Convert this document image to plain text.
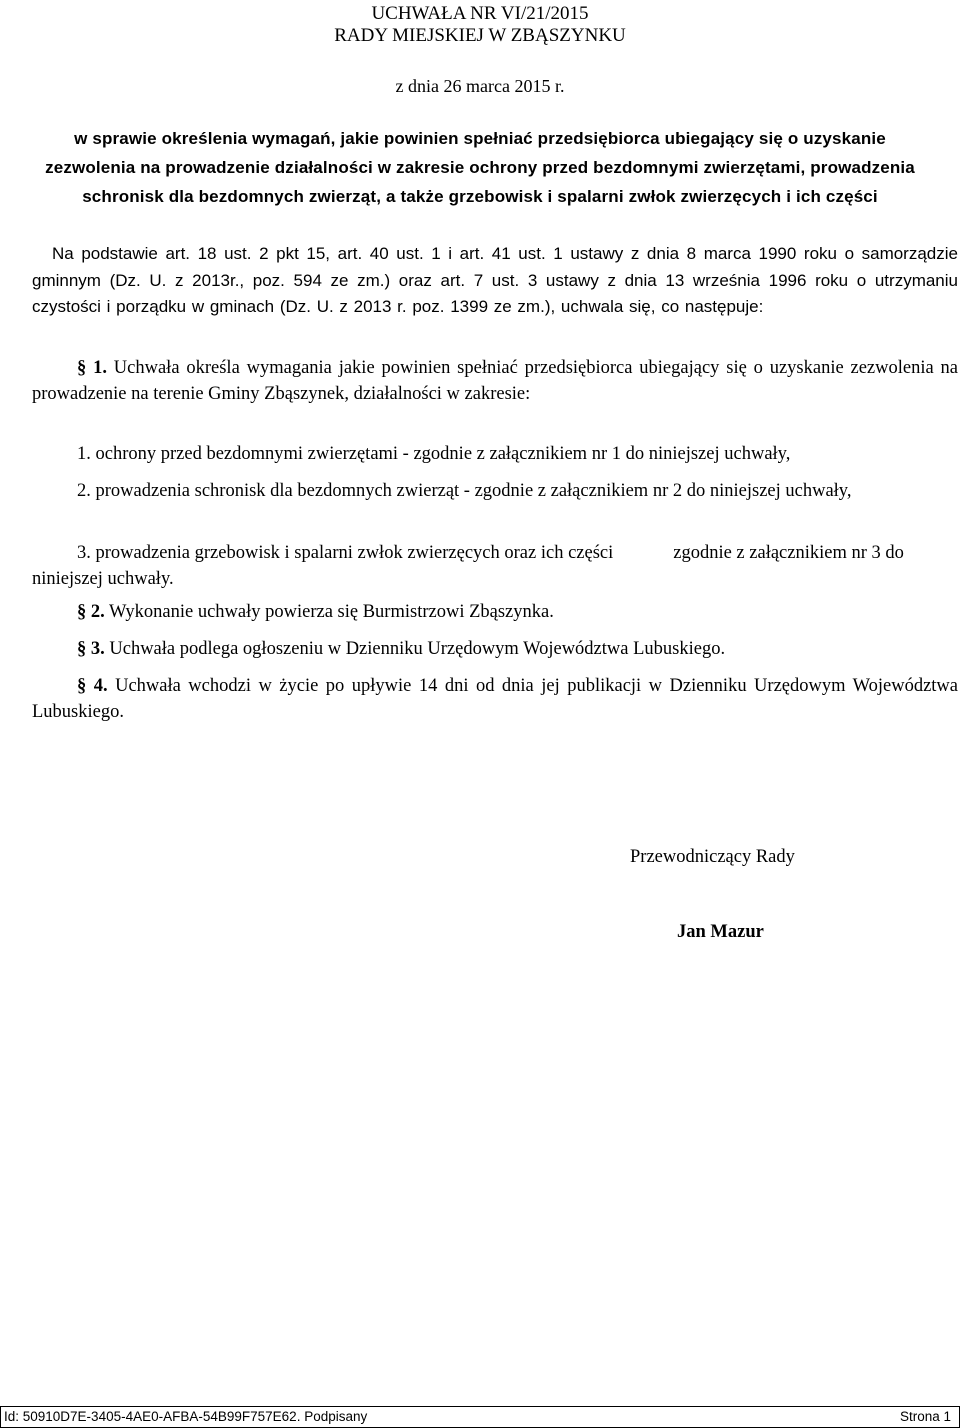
UCHWAŁA NR VI/21/2015
RADY MIEJSKIEJ W ZBĄSZYNKU
z dnia 26 marca 2015 r.
w sprawie określenia wymagań, jakie powinien spełniać przedsiębiorca ubiegający się o uzyskanie zezwolenia na prowadzenie działalności w zakresie ochrony przed bezdomnymi zwierzętami, prowadzenia schronisk dla bezdomnych zwierząt, a także grzebowisk i spalarni zwłok zwierzęcych i ich części
Na podstawie art. 18 ust. 2 pkt 15, art. 40 ust. 1 i art. 41 ust. 1 ustawy z dnia 8 marca 1990 roku o samorządzie gminnym (Dz. U. z 2013r., poz. 594 ze zm.) oraz art. 7 ust. 3 ustawy z dnia 13 września 1996 roku o utrzymaniu czystości i porządku w gminach (Dz. U. z 2013 r. poz. 1399 ze zm.), uchwala się, co następuje:
§ 1. Uchwała określa wymagania jakie powinien spełniać przedsiębiorca ubiegający się o uzyskanie zezwolenia na prowadzenie na terenie Gminy Zbąszynek, działalności w zakresie:
1. ochrony przed bezdomnymi zwierzętami - zgodnie z załącznikiem nr 1 do niniejszej uchwały,
2. prowadzenia schronisk dla bezdomnych zwierząt - zgodnie z załącznikiem nr 2 do niniejszej uchwały,
3. prowadzenia grzebowisk i spalarni zwłok zwierzęcych oraz ich części	zgodnie z załącznikiem nr 3 do niniejszej uchwały.
§ 2. Wykonanie uchwały powierza się Burmistrzowi Zbąszynka.
§ 3. Uchwała podlega ogłoszeniu w Dzienniku Urzędowym Województwa Lubuskiego.
§ 4. Uchwała wchodzi w życie po upływie 14 dni od dnia jej publikacji w Dzienniku Urzędowym Województwa Lubuskiego.
Przewodniczący Rady
Jan Mazur
Id: 50910D7E-3405-4AE0-AFBA-54B99F757E62. Podpisany	Strona 1
